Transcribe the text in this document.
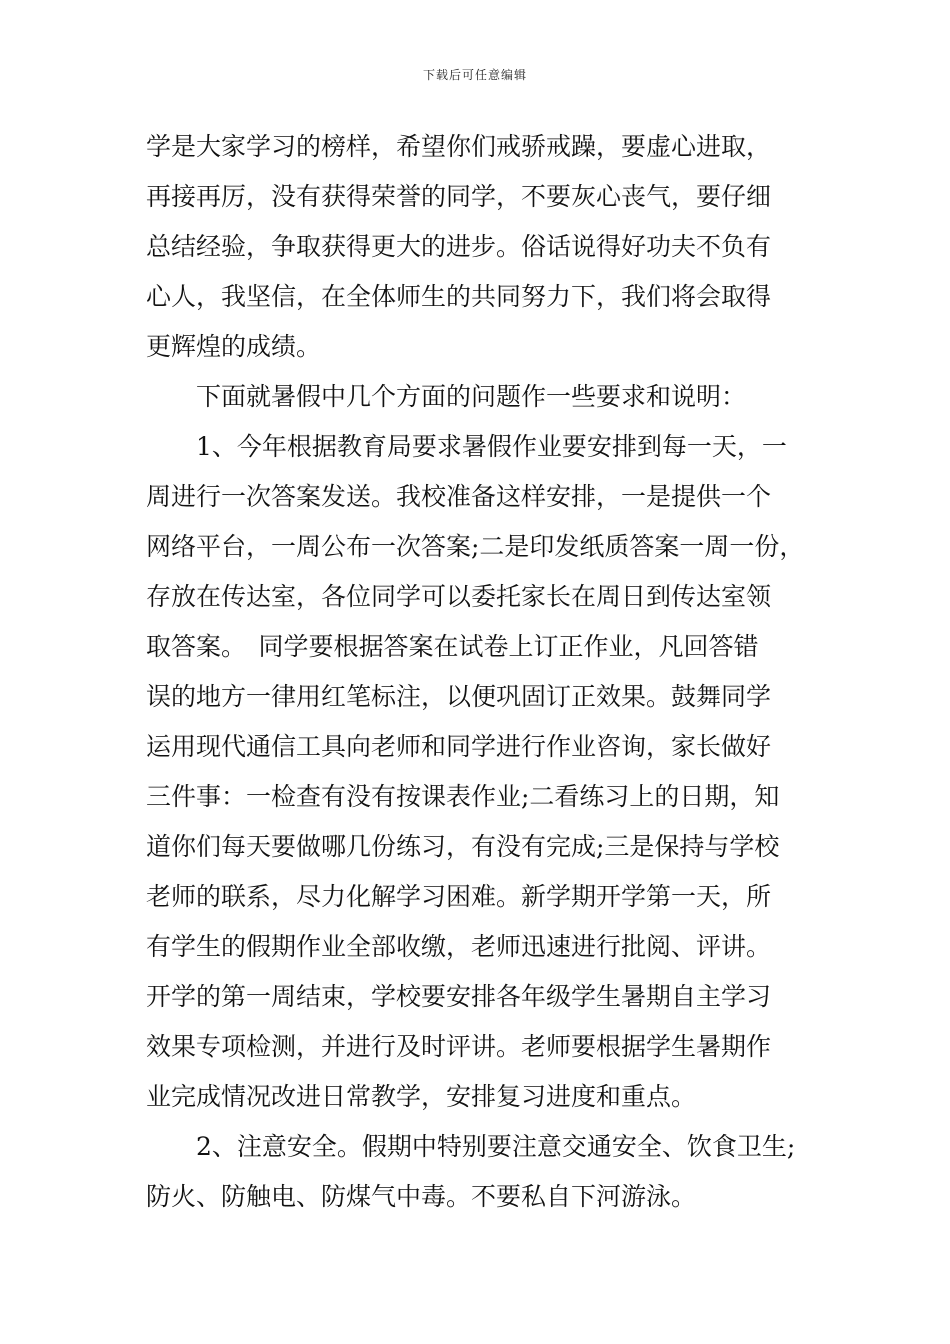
下载后可任意编辑
学是大家学习的榜样，希望你们戒骄戒躁，要虚心进取，
再接再厉，没有获得荣誉的同学，不要灰心丧气，要仔细
总结经验，争取获得更大的进步。俗话说得好功夫不负有
心人，我坚信，在全体师生的共同努力下，我们将会取得
更辉煌的成绩。
下面就暑假中几个方面的问题作一些要求和说明：
1、今年根据教育局要求暑假作业要安排到每一天，一
周进行一次答案发送。我校准备这样安排，一是提供一个
网络平台，一周公布一次答案;二是印发纸质答案一周一份，
存放在传达室，各位同学可以委托家长在周日到传达室领
取答案。　同学要根据答案在试卷上订正作业，凡回答错
误的地方一律用红笔标注，以便巩固订正效果。鼓舞同学
运用现代通信工具向老师和同学进行作业咨询，家长做好
三件事：一检查有没有按课表作业;二看练习上的日期，知
道你们每天要做哪几份练习，有没有完成;三是保持与学校
老师的联系，尽力化解学习困难。新学期开学第一天，所
有学生的假期作业全部收缴，老师迅速进行批阅、评讲。
开学的第一周结束，学校要安排各年级学生暑期自主学习
效果专项检测，并进行及时评讲。老师要根据学生暑期作
业完成情况改进日常教学，安排复习进度和重点。
2、注意安全。假期中特别要注意交通安全、饮食卫生;
防火、防触电、防煤气中毒。不要私自下河游泳。
